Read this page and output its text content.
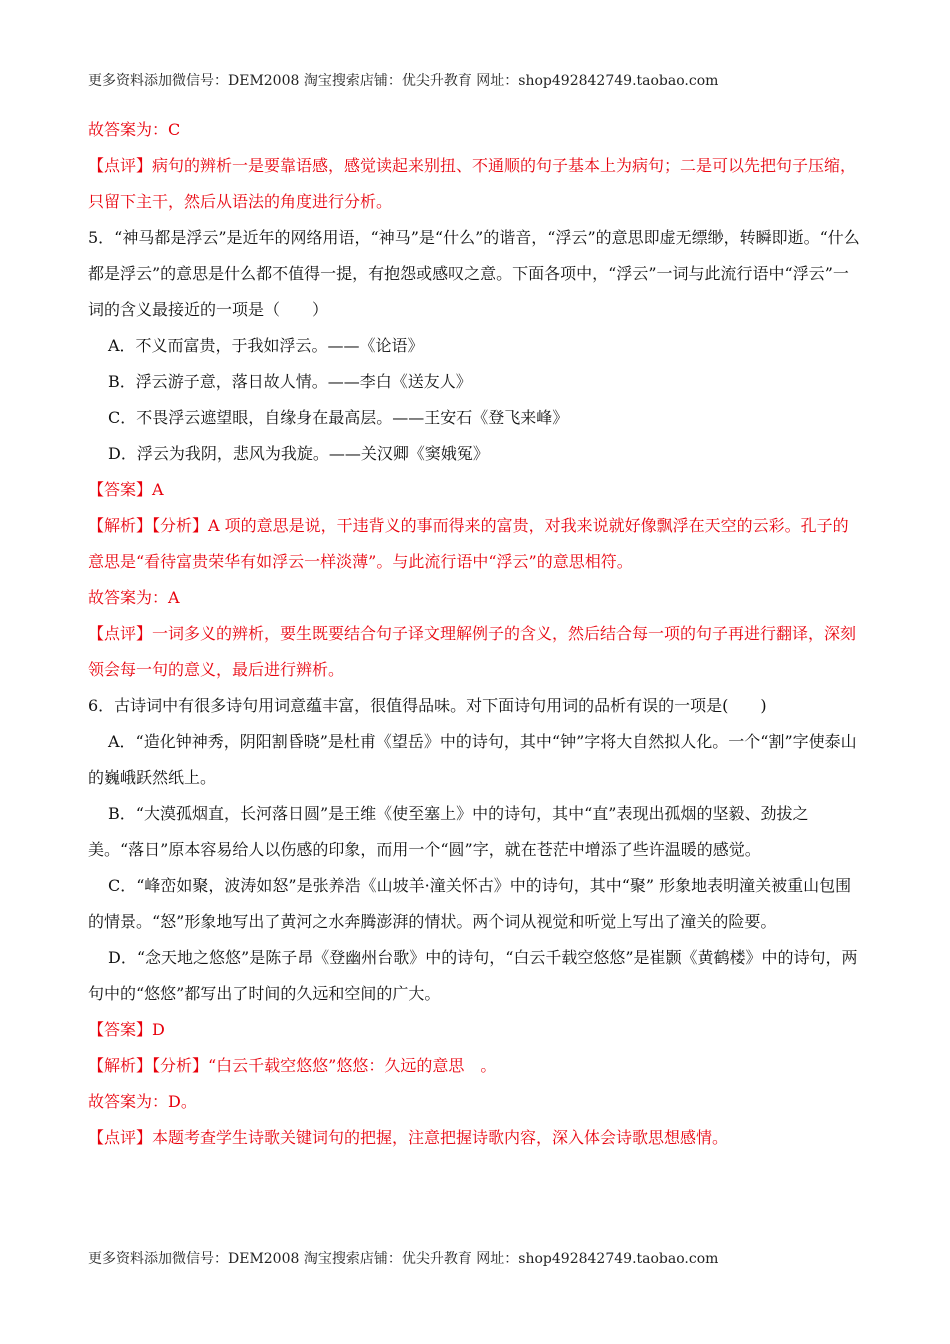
更多资料添加微信号：DEM2008 淘宝搜索店铺：优尖升教育 网址：shop492842749.taobao.com

故答案为：C

【点评】病句的辨析一是要靠语感，感觉读起来别扭、不通顺的句子基本上为病句；二是可以先把句子压缩，只留下主干，然后从语法的角度进行分析。

5．“神马都是浮云”是近年的网络用语，“神马”是“什么”的谐音，“浮云”的意思即虚无缥缈，转瞬即逝。“什么都是浮云”的意思是什么都不值得一提，有抱怨或感叹之意。下面各项中，“浮云”一词与此流行语中“浮云”一词的含义最接近的一项是（　　）

A．不义而富贵，于我如浮云。——《论语》

B．浮云游子意，落日故人情。——李白《送友人》

C．不畏浮云遮望眼，自缘身在最高层。——王安石《登飞来峰》

D．浮云为我阴，悲风为我旋。——关汉卿《窦娥冤》

【答案】A

【解析】【分析】A 项的意思是说，干违背义的事而得来的富贵，对我来说就好像飘浮在天空的云彩。孔子的意思是“看待富贵荣华有如浮云一样淡薄”。与此流行语中“浮云”的意思相符。

故答案为：A

【点评】一词多义的辨析，要生既要结合句子译文理解例子的含义，然后结合每一项的句子再进行翻译，深刻领会每一句的意义，最后进行辨析。

6．古诗词中有很多诗句用词意蕴丰富，很值得品味。对下面诗句用词的品析有误的一项是(　　)

A．“造化钟神秀，阴阳割昏晓”是杜甫《望岳》中的诗句，其中“钟”字将大自然拟人化。一个“割”字使泰山的巍峨跃然纸上。

B．“大漠孤烟直，长河落日圆”是王维《使至塞上》中的诗句，其中“直”表现出孤烟的坚毅、劲拔之美。“落日”原本容易给人以伤感的印象，而用一个“圆”字，就在苍茫中增添了些许温暖的感觉。

C．“峰峦如聚，波涛如怒”是张养浩《山坡羊·潼关怀古》中的诗句，其中“聚” 形象地表明潼关被重山包围的情景。“怒”形象地写出了黄河之水奔腾澎湃的情状。两个词从视觉和听觉上写出了潼关的险要。

D．“念天地之悠悠”是陈子昂《登幽州台歌》中的诗句，“白云千载空悠悠”是崔颢《黄鹤楼》中的诗句，两句中的“悠悠”都写出了时间的久远和空间的广大。

【答案】D

【解析】【分析】“白云千载空悠悠”悠悠：久远的意思　。

故答案为：D。

【点评】本题考查学生诗歌关键词句的把握，注意把握诗歌内容，深入体会诗歌思想感情。

更多资料添加微信号：DEM2008 淘宝搜索店铺：优尖升教育 网址：shop492842749.taobao.com
